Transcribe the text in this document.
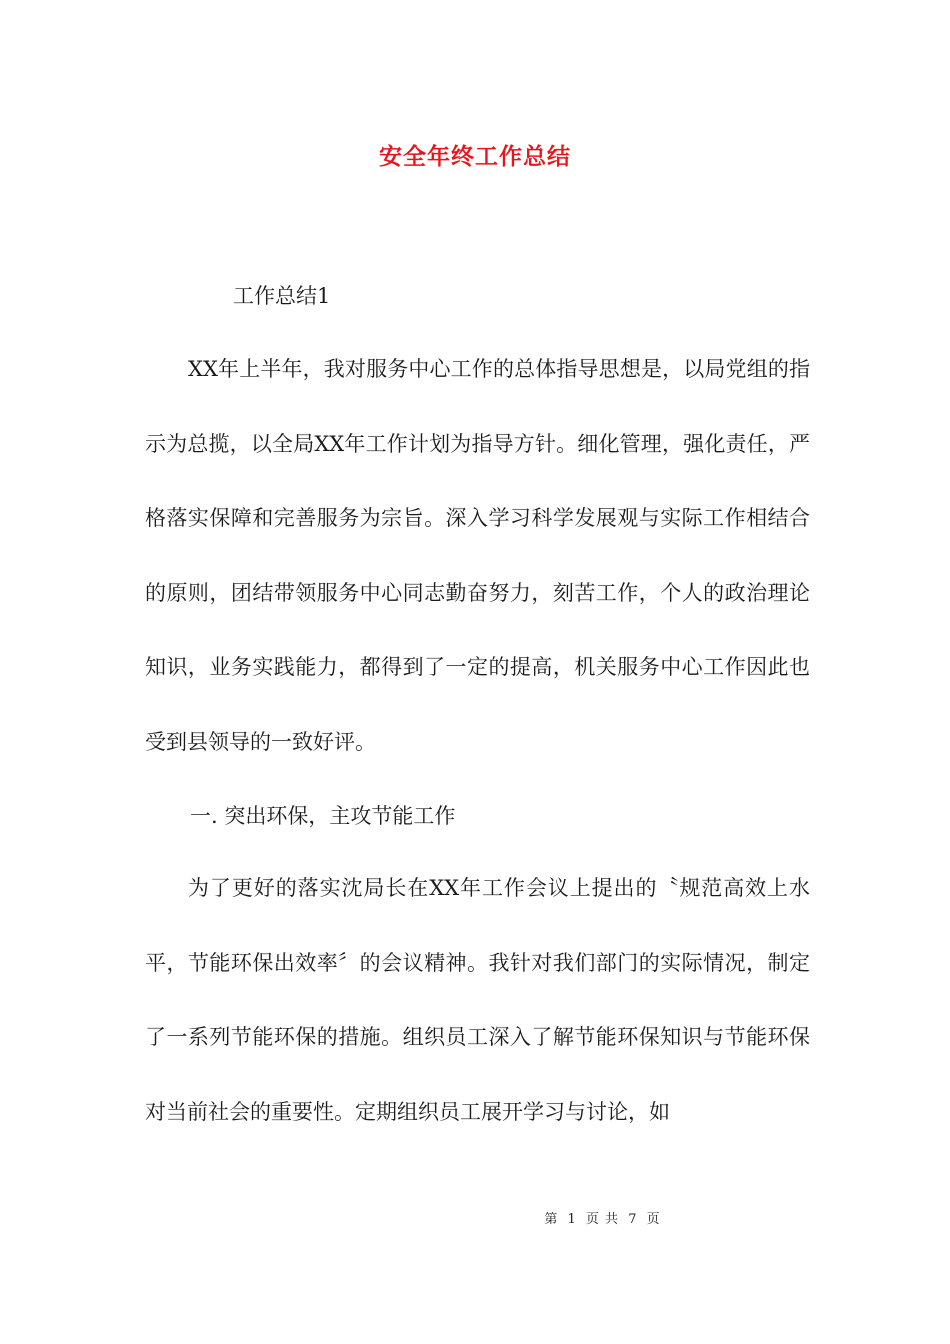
安全年终工作总结
工作总结1

XX年上半年，我对服务中心工作的总体指导思想是，以局党组的指示为总揽，以全局XX年工作计划为指导方针。细化管理，强化责任，严格落实保障和完善服务为宗旨。深入学习科学发展观与实际工作相结合的原则，团结带领服务中心同志勤奋努力，刻苦工作，个人的政治理论知识，业务实践能力，都得到了一定的提高，机关服务中心工作因此也受到县领导的一致好评。

一. 突出环保，主攻节能工作

为了更好的落实沈局长在XX年工作会议上提出的〝规范高效上水平，节能环保出效率〞的会议精神。我针对我们部门的实际情况，制定了一系列节能环保的措施。组织员工深入了解节能环保知识与节能环保对当前社会的重要性。定期组织员工展开学习与讨论，如

第 1 页 共 7 页
